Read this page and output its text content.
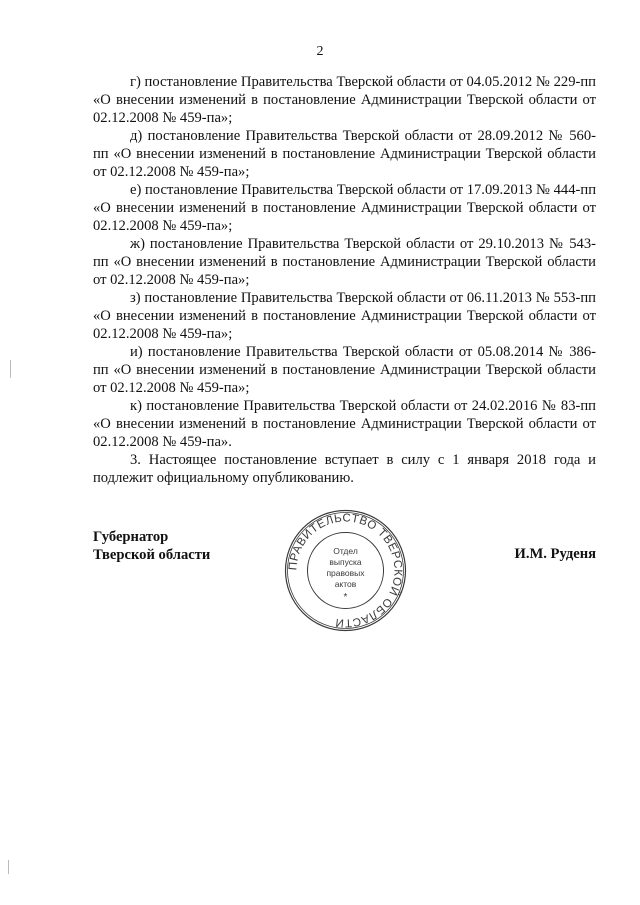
2

г) постановление Правительства Тверской области от 04.05.2012 № 229-пп «О внесении изменений в постановление Администрации Тверской области от 02.12.2008 № 459-па»;

д) постановление Правительства Тверской области от 28.09.2012 № 560-пп «О внесении изменений в постановление Администрации Тверской области от 02.12.2008 № 459-па»;

е) постановление Правительства Тверской области от 17.09.2013 № 444-пп «О внесении изменений в постановление Администрации Тверской области от 02.12.2008 № 459-па»;

ж) постановление Правительства Тверской области от 29.10.2013 № 543-пп «О внесении изменений в постановление Администрации Тверской области от 02.12.2008 № 459-па»;

з) постановление Правительства Тверской области от 06.11.2013 № 553-пп «О внесении изменений в постановление Администрации Тверской области от 02.12.2008 № 459-па»;

и) постановление Правительства Тверской области от 05.08.2014 № 386-пп «О внесении изменений в постановление Администрации Тверской области от 02.12.2008 № 459-па»;

к) постановление Правительства Тверской области от 24.02.2016 № 83-пп «О внесении изменений в постановление Администрации Тверской области от 02.12.2008 № 459-па».

3. Настоящее постановление вступает в силу с 1 января 2018 года и подлежит официальному опубликованию.

Губернатор
Тверской области	И.М. Руденя
ПРАВИТЕЛЬСТВО ТВЕРСКОЙ ОБЛАСТИ
Отдел
выпуска
правовых
актов
*
